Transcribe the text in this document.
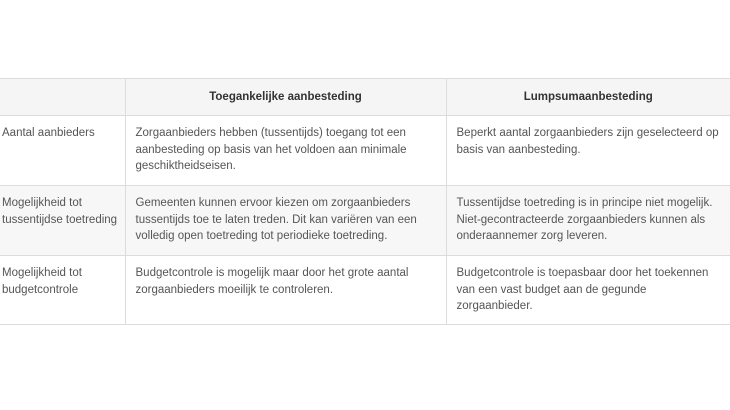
	Toegankelijke aanbesteding	Lumpsumaanbesteding
Aantal aanbieders	Zorgaanbieders hebben (tussentijds) toegang tot een aanbesteding op basis van het voldoen aan minimale geschiktheidseisen.	Beperkt aantal zorgaanbieders zijn geselecteerd op basis van aanbesteding.
Mogelijkheid tot tussentijdse toetreding	Gemeenten kunnen ervoor kiezen om zorgaanbieders tussentijds toe te laten treden. Dit kan variëren van een volledig open toetreding tot periodieke toetreding.	Tussentijdse toetreding is in principe niet mogelijk. Niet-gecontracteerde zorgaanbieders kunnen als onderaannemer zorg leveren.
Mogelijkheid tot budgetcontrole	Budgetcontrole is mogelijk maar door het grote aantal zorgaanbieders moeilijk te controleren.	Budgetcontrole is toepasbaar door het toekennen van een vast budget aan de gegunde zorgaanbieder.
